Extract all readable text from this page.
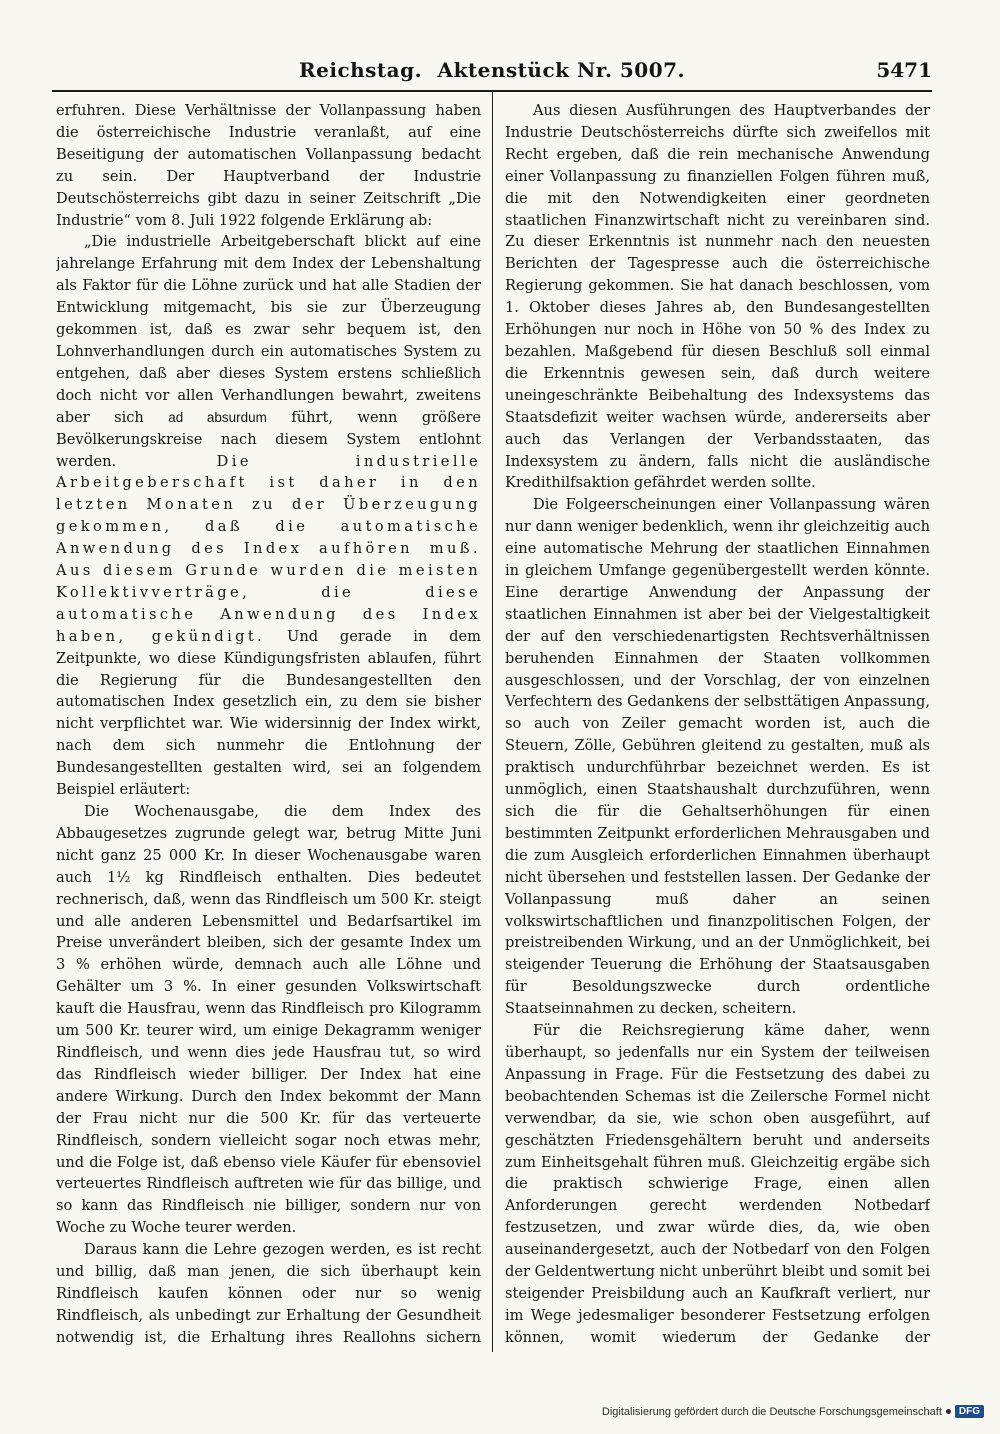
Reichstag. Aktenstück Nr. 5007.	5471

erfuhren. Diese Verhältnisse der Vollanpassung haben die österreichische Industrie veranlaßt, auf eine Beseitigung der automatischen Vollanpassung bedacht zu sein. Der Hauptverband der Industrie Deutschösterreichs gibt dazu in seiner Zeitschrift „Die Industrie“ vom 8. Juli 1922 folgende Erklärung ab:

„Die industrielle Arbeitgeberschaft blickt auf eine jahrelange Erfahrung mit dem Index der Lebenshaltung als Faktor für die Löhne zurück und hat alle Stadien der Entwicklung mitgemacht, bis sie zur Überzeugung gekommen ist, daß es zwar sehr bequem ist, den Lohnverhandlungen durch ein automatisches System zu entgehen, daß aber dieses System erstens schließlich doch nicht vor allen Verhandlungen bewahrt, zweitens aber sich ad absurdum führt, wenn größere Bevölkerungskreise nach diesem System entlohnt werden.	Die industrielle Arbeitgeberschaft ist daher in den letzten Monaten zu der Überzeugung gekommen, daß die automatische Anwendung des Index aufhören muß. Aus diesem Grunde wurden die meisten Kollektivverträge, die diese automatische Anwendung des Index haben, gekündigt. Und gerade in dem Zeitpunkte, wo diese Kündigungsfristen ablaufen, führt die Regierung für die Bundesangestellten den automatischen Index gesetzlich ein, zu dem sie bisher nicht verpflichtet war. Wie widersinnig der Index wirkt, nach dem sich nunmehr die Entlohnung der Bundesangestellten gestalten wird, sei an folgendem Beispiel erläutert:

Die Wochenausgabe, die dem Index des Abbaugesetzes zugrunde gelegt war, betrug Mitte Juni nicht ganz 25 000 Kr. In dieser Wochenausgabe waren auch 1½ kg Rindfleisch enthalten. Dies bedeutet rechnerisch, daß, wenn das Rindfleisch um 500 Kr. steigt und alle anderen Lebensmittel und Bedarfsartikel im Preise unverändert bleiben, sich der gesamte Index um 3 % erhöhen würde, demnach auch alle Löhne und Gehälter um 3 %. In einer gesunden Volkswirtschaft kauft die Hausfrau, wenn das Rindfleisch pro Kilogramm um 500 Kr. teurer wird, um einige Dekagramm weniger Rindfleisch, und wenn dies jede Hausfrau tut, so wird das Rindfleisch wieder billiger. Der Index hat eine andere Wirkung. Durch den Index bekommt der Mann der Frau nicht nur die 500 Kr. für das verteuerte Rindfleisch, sondern vielleicht sogar noch etwas mehr, und die Folge ist, daß ebenso viele Käufer für ebensoviel verteuertes Rindfleisch auftreten wie für das billige, und so kann das Rindfleisch nie billiger, sondern nur von Woche zu Woche teurer werden.

Daraus kann die Lehre gezogen werden, es ist recht und billig, daß man jenen, die sich überhaupt kein Rindfleisch kaufen können oder nur so wenig Rindfleisch, als unbedingt zur Erhaltung der Gesundheit notwendig ist, die Erhaltung ihres Reallohns sichern

Aus diesen Ausführungen des Hauptverbandes der Industrie Deutschösterreichs dürfte sich zweifellos mit Recht ergeben, daß die rein mechanische Anwendung einer Vollanpassung zu finanziellen Folgen führen muß, die mit den Notwendigkeiten einer geordneten staatlichen Finanzwirtschaft nicht zu vereinbaren sind. Zu dieser Erkenntnis ist nunmehr nach den neuesten Berichten der Tagespresse auch die österreichische Regierung gekommen. Sie hat danach beschlossen, vom 1. Oktober dieses Jahres ab, den Bundesangestellten Erhöhungen nur noch in Höhe von 50 % des Index zu bezahlen. Maßgebend für diesen Beschluß soll einmal die Erkenntnis gewesen sein, daß durch weitere uneingeschränkte Beibehaltung des Indexsystems das Staatsdefizit weiter wachsen würde, andererseits aber auch das Verlangen der Verbandsstaaten, das Indexsystem zu ändern, falls nicht die ausländische Kredithilfsaktion gefährdet werden sollte.

Die Folgeerscheinungen einer Vollanpassung wären nur dann weniger bedenklich, wenn ihr gleichzeitig auch eine automatische Mehrung der staatlichen Einnahmen in gleichem Umfange gegenübergestellt werden könnte. Eine derartige Anwendung der Anpassung der staatlichen Einnahmen ist aber bei der Vielgestaltigkeit der auf den verschiedenartigsten Rechtsverhältnissen beruhenden Einnahmen der Staaten vollkommen ausgeschlossen, und der Vorschlag, der von einzelnen Verfechtern des Gedankens der selbsttätigen Anpassung, so auch von Zeiler gemacht worden ist, auch die Steuern, Zölle, Gebühren gleitend zu gestalten, muß als praktisch undurchführbar bezeichnet werden. Es ist unmöglich, einen Staatshaushalt durchzuführen, wenn sich die für die Gehaltserhöhungen für einen bestimmten Zeitpunkt erforderlichen Mehrausgaben und die zum Ausgleich erforderlichen Einnahmen überhaupt nicht übersehen und feststellen lassen. Der Gedanke der Vollanpassung muß daher an seinen volkswirtschaftlichen und finanzpolitischen Folgen, der preistreibenden Wirkung, und an der Unmöglichkeit, bei steigender Teuerung die Erhöhung der Staatsausgaben für Besoldungszwecke durch ordentliche Staatseinnahmen zu decken, scheitern.

Für die Reichsregierung käme daher, wenn überhaupt, so jedenfalls nur ein System der teilweisen Anpassung in Frage. Für die Festsetzung des dabei zu beobachtenden Schemas ist die Zeilersche Formel nicht verwendbar, da sie, wie schon oben ausgeführt, auf geschätzten Friedensgehältern beruht und anderseits zum Einheitsgehalt führen muß. Gleichzeitig ergäbe sich die praktisch schwierige Frage, einen allen Anforderungen gerecht werdenden Notbedarf festzusetzen, und zwar würde dies, da, wie oben auseinandergesetzt, auch der Notbedarf von den Folgen der Geldentwertung nicht unberührt bleibt und somit bei steigender Preisbildung auch an Kaufkraft verliert, nur im Wege jedesmaliger besonderer Festsetzung erfolgen können, womit wiederum der Gedanke der

Digitalisierung gefördert durch die Deutsche Forschungsgemeinschaft	DFG
